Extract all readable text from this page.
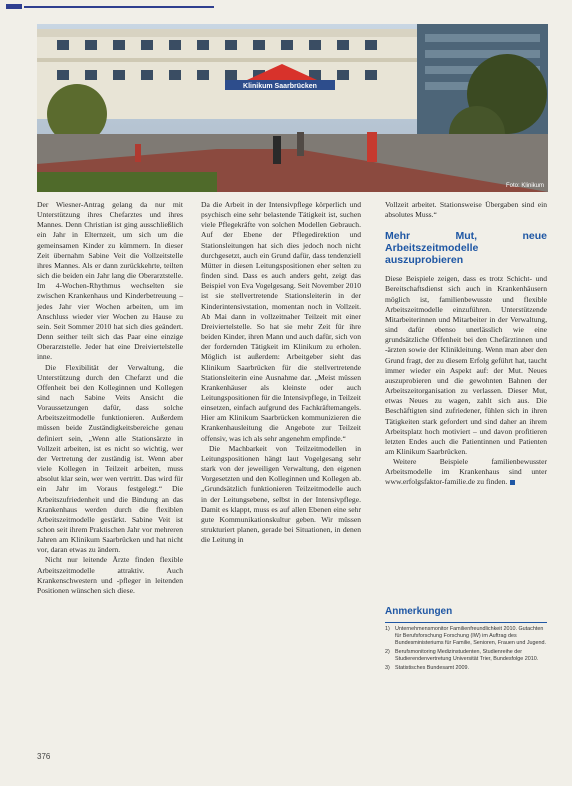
Klinikum Saarbrücken
Foto: Klinikum

Der Wiesner-Antrag gelang da nur mit Unterstützung ihres Chefarztes und ihres Mannes. Denn Christian ist ging ausschließlich ein Jahr in Elternzeit, um sich um die gemeinsamen Kinder zu kümmern. In dieser Zeit übernahm Sabine Veit die Vollzeitstelle ihres Mannes. Als er dann zurückkehrte, teilten sich die beiden ein Jahr lang die Oberarztstelle. Im 4-Wochen-Rhythmus wechselten sie zwischen Krankenhaus und Kinderbetreuung – jedes Jahr vier Wochen arbeiten, um im Anschluss wieder vier Wochen zu Hause zu sein. Seit Sommer 2010 hat sich dies geändert. Denn seither teilt sich das Paar eine einzige Oberarztstelle. Jeder hat eine Dreiviertelstelle inne.

Die Flexibilität der Verwaltung, die Unterstützung durch den Chefarzt und die Offenheit bei den Kolleginnen und Kollegen sind nach Sabine Veits Ansicht die Voraussetzungen dafür, dass solche Arbeitszeitmodelle funktionieren. Außerdem müssen beide Zuständigkeitsbereiche genau definiert sein, „Wenn alle Stationsärzte in Vollzeit arbeiten, ist es nicht so wichtig, wer der Vertretung der zuständig ist. Wenn aber viele Kollegen in Teilzeit arbeiten, muss absolut klar sein, wer wen vertritt. Das wird für ein Jahr im Voraus festgelegt.“ Die Arbeitszufriedenheit und die Bindung an das Krankenhaus werden durch die flexiblen Arbeitszeitmodelle gestärkt. Sabine Veit ist schon seit ihrem Praktischen Jahr vor mehreren Jahren am Klinikum Saarbrücken und hat nicht vor, daran etwas zu ändern.

Nicht nur leitende Ärzte finden flexible Arbeitszeitmodelle attraktiv. Auch Krankenschwestern und -pfleger in leitenden Positionen wünschen sich diese.

Da die Arbeit in der Intensivpflege körperlich und psychisch eine sehr belastende Tätigkeit ist, suchen viele Pflegekräfte von solchen Modellen Gebrauch. Auf der Ebene der Pflegedirektion und Stationsleitungen hat sich dies jedoch noch nicht durchgesetzt, auch ein Grund dafür, dass tendenziell Mütter in diesen Leitungspositionen eher selten zu finden sind. Dass es auch anders geht, zeigt das Beispiel von Eva Vogelgesang. Seit November 2010 ist sie stellvertretende Stationsleiterin in der Kinderintensivstation, momentan noch in Vollzeit. Ab Mai dann in vollzeitnaher Teilzeit mit einer Dreiviertelstelle. So hat sie mehr Zeit für ihre beiden Kinder, ihren Mann und auch dafür, sich von der fordernden Tätigkeit im Klinikum zu erholen. Möglich ist außerdem: Arbeitgeber sieht das Klinikum Saarbrücken für die stellvertretende Stationsleiterin eine Ausnahme dar. „Meist müssen Krankenhäuser als kleinste oder auch Leitungspositionen für die Intensivpflege, in Teilzeit einsetzen, einfach aufgrund des Fachkräftemangels. Hier am Klinikum Saarbrücken kommunizieren die Krankenhausleitung die Angebote zur Teilzeit offensiv, was ich als sehr angenehm empfinde.“

Die Machbarkeit von Teilzeitmodellen in Leitungspositionen hängt laut Vogelgesang sehr stark von der jeweiligen Verwaltung, den eigenen Vorgesetzten und den Kolleginnen und Kollegen ab. „Grundsätzlich funktionieren Teilzeitmodelle auch in der Leitungsebene, selbst in der Intensivpflege. Damit es klappt, muss es auf allen Ebenen eine sehr gute Kommunikationskultur geben. Wir müssen strukturiert planen, gerade bei Situationen, in denen die Leitung in

Vollzeit arbeitet. Stationsweise Übergaben sind ein absolutes Muss.“

Mehr Mut, neue Arbeitszeitmodelle auszuprobieren

Diese Beispiele zeigen, dass es trotz Schicht- und Bereitschaftsdienst sich auch in Krankenhäusern möglich ist, familienbewusste und flexible Arbeitszeitmodelle einzuführen. Unterstützende Mitarbeiterinnen und Mitarbeiter in der Verwaltung, sind dafür ebenso unerlässlich wie eine grundsätzliche Offenheit bei den Chefärztinnen und -ärzten sowie der Klinikleitung. Wenn man aber den Grund fragt, der zu diesem Erfolg geführt hat, taucht immer wieder ein Aspekt auf: der Mut. Neues auszuprobieren und die gewohnten Bahnen der Arbeitszeitorganisation zu verlassen. Dieser Mut, etwas Neues zu wagen, zahlt sich aus. Die Beschäftigten sind zufriedener, fühlen sich in ihren Tätigkeiten stark gefordert und sind daher an ihrem Arbeitsplatz hoch motiviert – und davon profitieren letzten Endes auch die Patientinnen und Patienten am Klinikum Saarbrücken.

Weitere Beispiele familienbewusster Arbeitsmodelle im Krankenhaus sind unter www.erfolgsfaktor-familie.de zu finden.

Anmerkungen
1) Unternehmensmonitor Familienfreundlichkeit 2010. Gutachten für Berufsforschung Forschung (IW) im Auftrag des Bundesministeriums für Familie, Senioren, Frauen und Jugend.
2) Berufsmonitoring Medizinstudenten, Studienreihe der Studierendenvertretung Universität Trier, Bundesfolge 2010.
3) Statistisches Bundesamt 2009.
376
